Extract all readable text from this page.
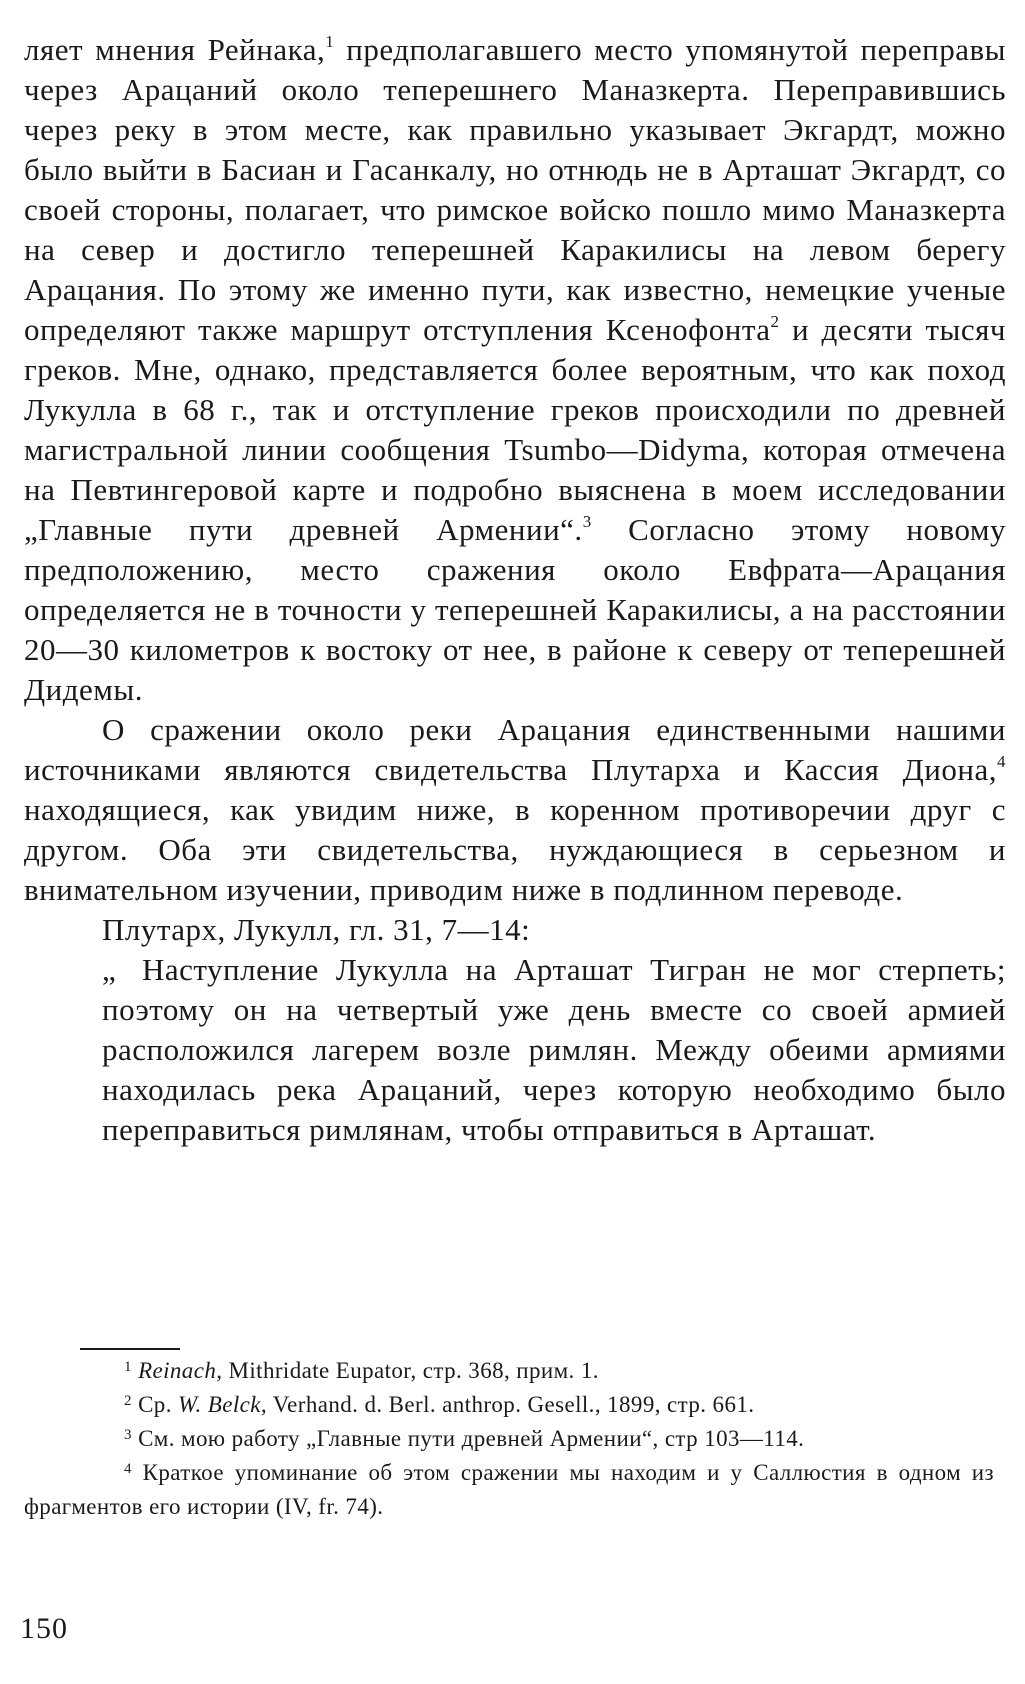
ляет мнения Рейнака,$^1$ предполагавшего место упомянутой переправы через Арацаний около теперешнего Маназкерта. Переправившись через реку в этом месте, как правильно указывает Экгардт, можно было выйти в Басиан и Гасанкалу, но отнюдь не в Арташат Экгардт, со своей стороны, полагает, что римское войско пошло мимо Маназкерта на север и достигло теперешней Каракилисы на левом берегу Арацания. По этому же именно пути, как известно, немецкие ученые определяют также маршрут отступления Ксенофонта$^2$ и десяти тысяч греков. Мне, однако, представляется более вероятным, что как поход Лукулла в 68 г., так и отступление греков происходили по древней магистральной линии сообщения Tsumbo—Didyma, которая отмечена на Певтингеровой карте и подробно выяснена в моем исследовании „Главные пути древней Армении“.$^3$ Согласно этому новому предположению, место сражения около Евфрата—Арацания определяется не в точности у теперешней Каракилисы, а на расстоянии 20—30 километров к востоку от нее, в районе к северу от теперешней Дидемы.

О сражении около реки Арацания единственными нашими источниками являются свидетельства Плутарха и Кассия Диона,$^4$ находящиеся, как увидим ниже, в коренном противоречии друг с другом. Оба эти свидетельства, нуждающиеся в серьезном и внимательном изучении, приводим ниже в подлинном переводе.

Плутарх, Лукулл, гл. 31, 7—14:

„ Наступление Лукулла на Арташат Тигран не мог стерпеть; поэтому он на четвертый уже день вместе со своей армией расположился лагерем возле римлян. Между обеими армиями находилась река Арацаний, через которую необходимо было переправиться римлянам, чтобы отправиться в Арташат.

$^1$ Reinach, Mithridate Eupator, стр. 368, прим. 1.

$^2$ Ср. W. Belck, Verhand. d. Berl. anthrop. Gesell., 1899, стр. 661.

$^3$ См. мою работу „Главные пути древней Армении“, стр 103—114.

$^4$ Краткое упоминание об этом сражении мы находим и у Саллюстия в одном из фрагментов его истории (IV, fr. 74).

150
